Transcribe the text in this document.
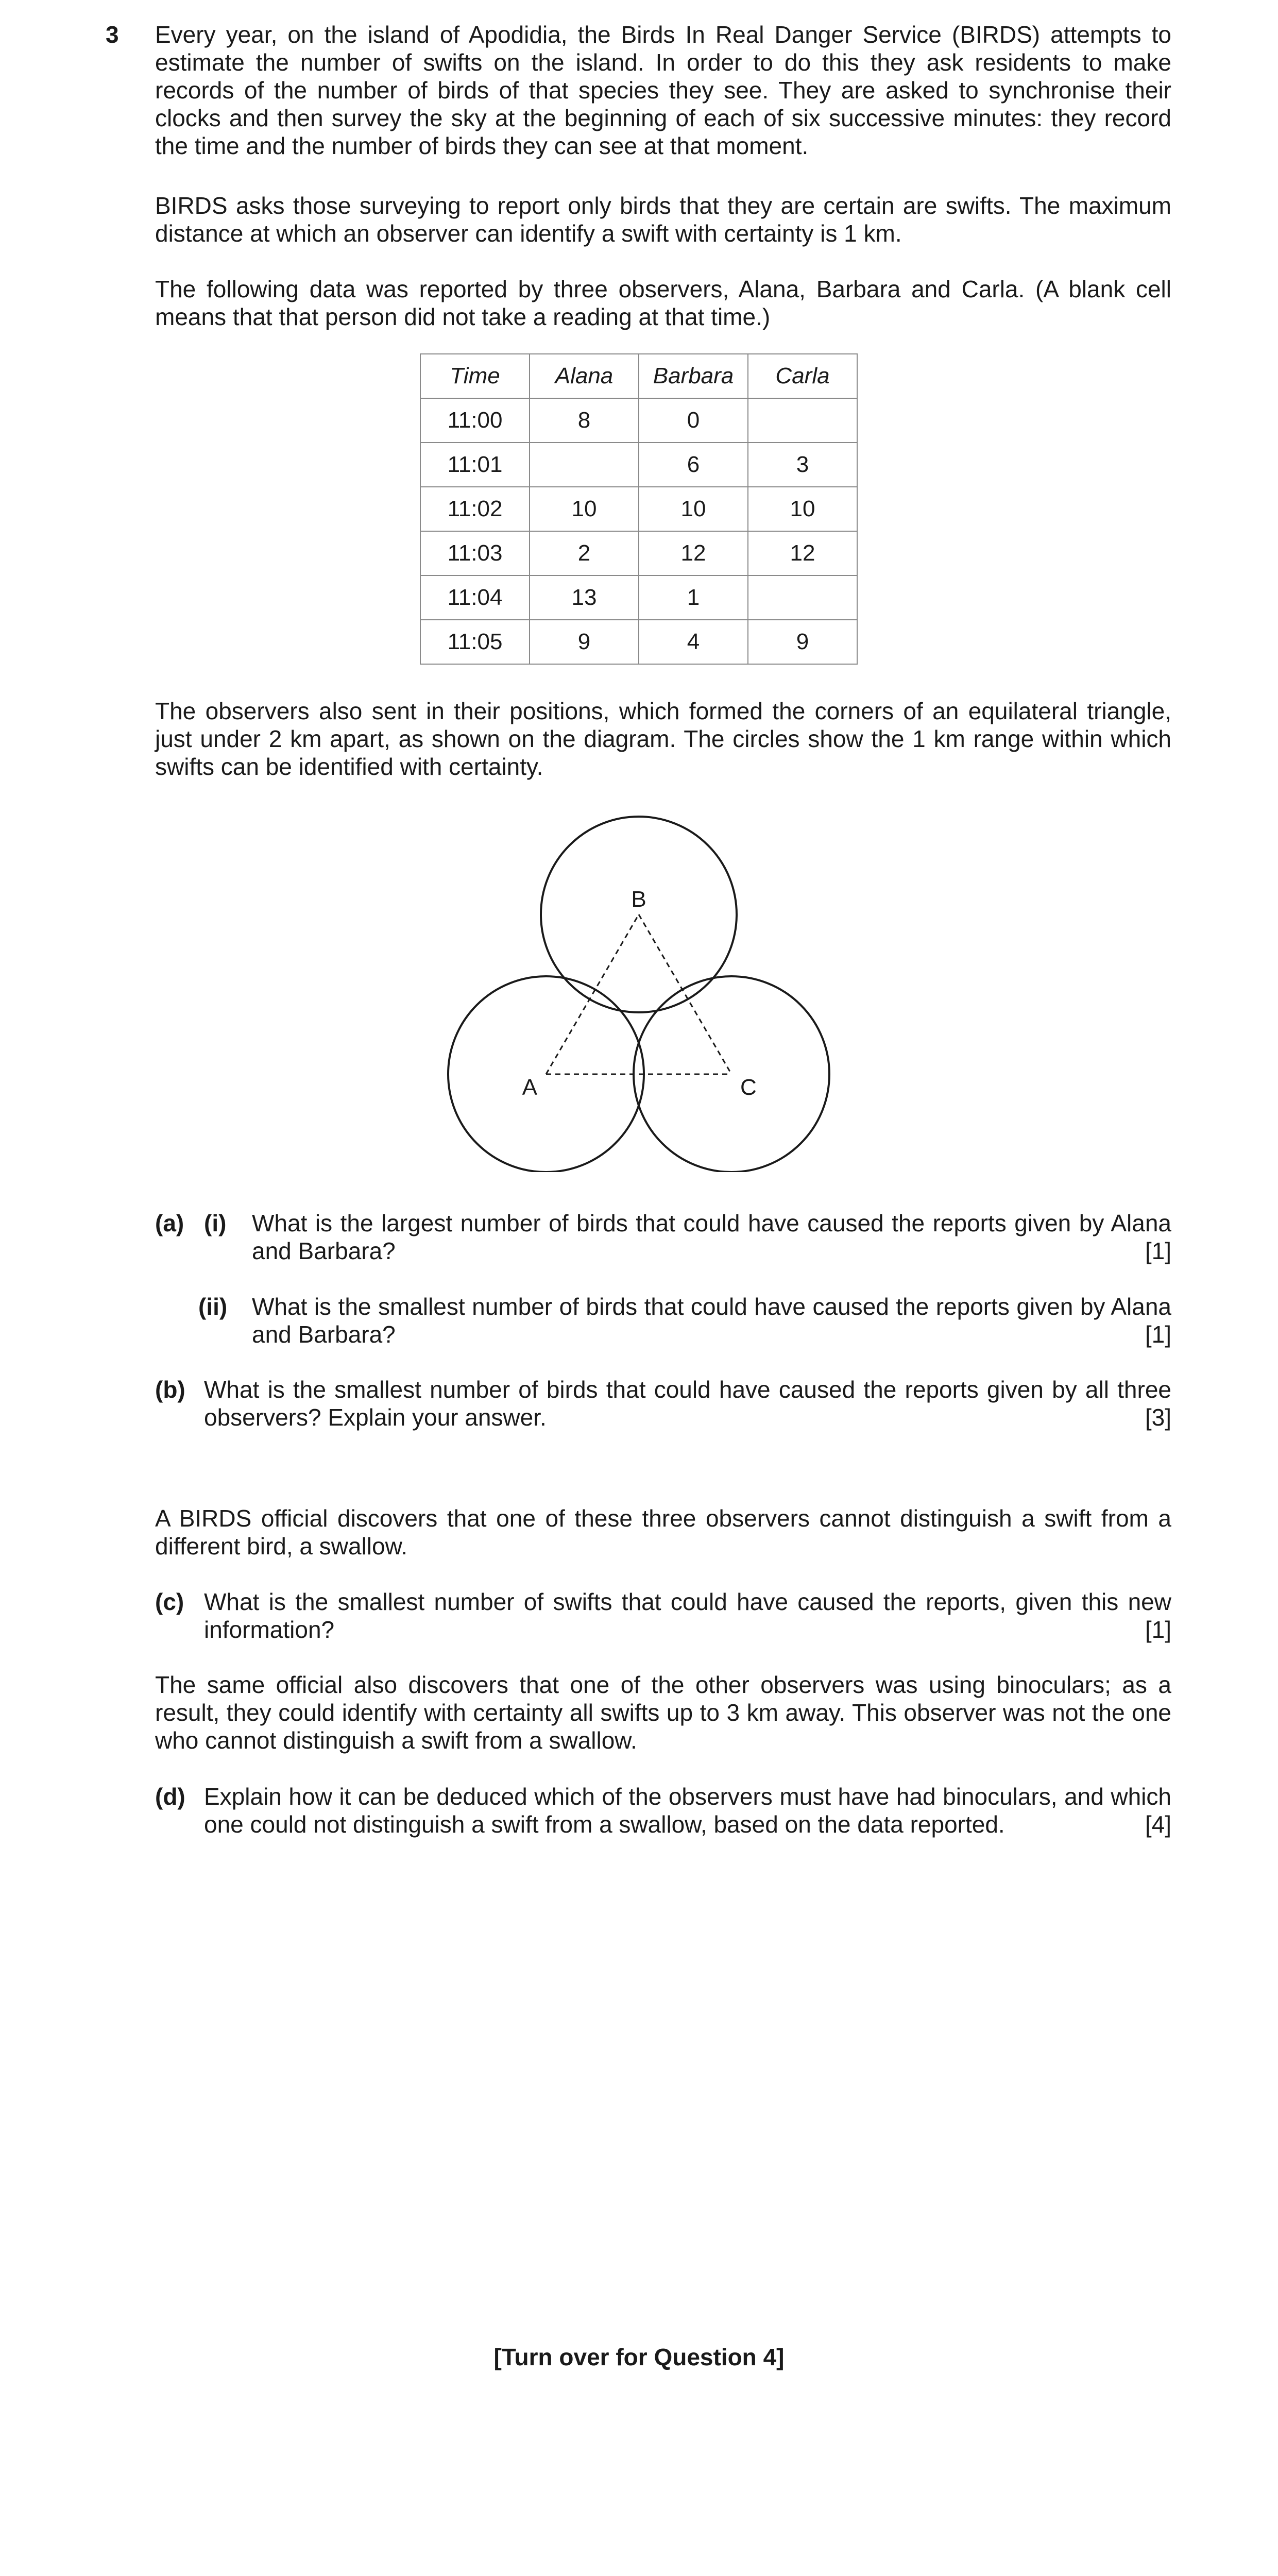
3 Every year, on the island of Apodidia, the Birds In Real Danger Service (BIRDS) attempts to estimate the number of swifts on the island. In order to do this they ask residents to make records of the number of birds of that species they see. They are asked to synchronise their clocks and then survey the sky at the beginning of each of six successive minutes: they record the time and the number of birds they can see at that moment.
BIRDS asks those surveying to report only birds that they are certain are swifts. The maximum distance at which an observer can identify a swift with certainty is 1 km.
The following data was reported by three observers, Alana, Barbara and Carla. (A blank cell means that that person did not take a reading at that time.)
Time	Alana	Barbara	Carla
11:00	8	0	
11:01		6	3
11:02	10	10	10
11:03	2	12	12
11:04	13	1	
11:05	9	4	9
The observers also sent in their positions, which formed the corners of an equilateral triangle, just under 2 km apart, as shown on the diagram. The circles show the 1 km range within which swifts can be identified with certainty.
B
A	C
(a) (i) What is the largest number of birds that could have caused the reports given by Alana and Barbara?	[1]
(ii) What is the smallest number of birds that could have caused the reports given by Alana and Barbara?	[1]
(b) What is the smallest number of birds that could have caused the reports given by all three observers? Explain your answer.	[3]
A BIRDS official discovers that one of these three observers cannot distinguish a swift from a different bird, a swallow.
(c) What is the smallest number of swifts that could have caused the reports, given this new information?	[1]
The same official also discovers that one of the other observers was using binoculars; as a result, they could identify with certainty all swifts up to 3 km away. This observer was not the one who cannot distinguish a swift from a swallow.
(d) Explain how it can be deduced which of the observers must have had binoculars, and which one could not distinguish a swift from a swallow, based on the data reported.	[4]
[Turn over for Question 4]
